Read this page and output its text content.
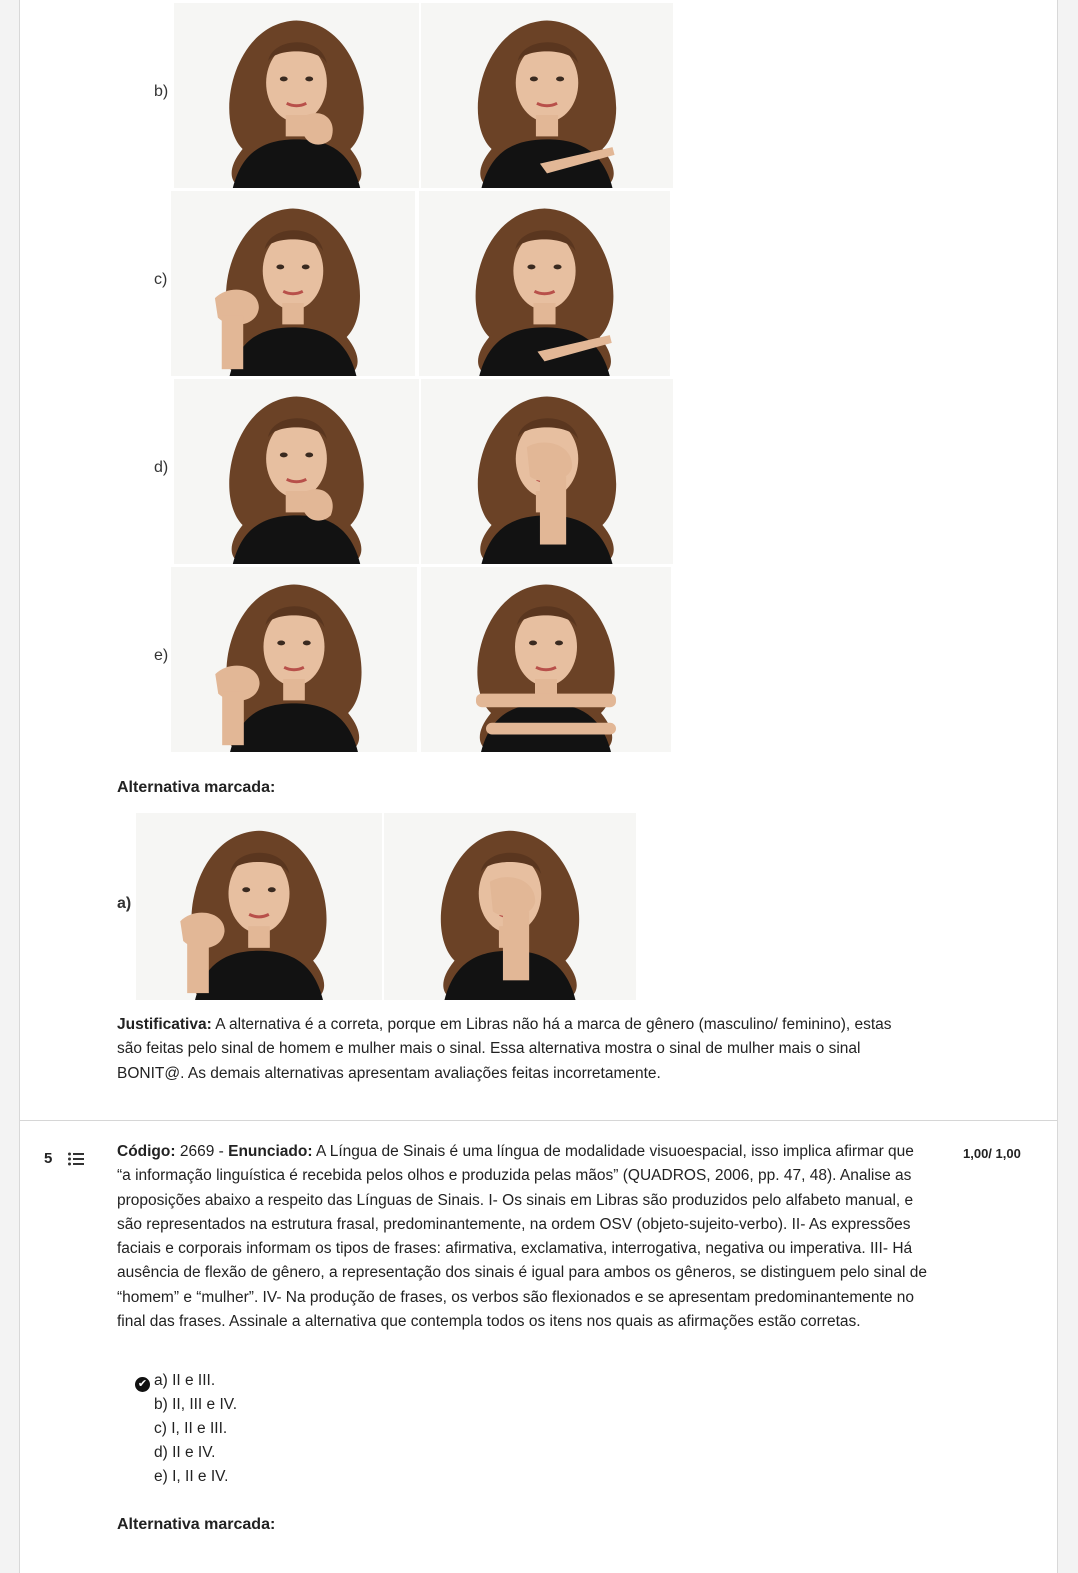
b)
c)
d)
e)
Alternativa marcada:
a)
Justificativa: A alternativa é a correta, porque em Libras não há a marca de gênero (masculino/ feminino), estas são feitas pelo sinal de homem e mulher mais o sinal. Essa alternativa mostra o sinal de mulher mais o sinal BONIT@. As demais alternativas apresentam avaliações feitas incorretamente.
5	Código: 2669 - Enunciado: A Língua de Sinais é uma língua de modalidade visuoespacial, isso implica afirmar que “a informação linguística é recebida pelos olhos e produzida pelas mãos” (QUADROS, 2006, pp. 47, 48). Analise as proposições abaixo a respeito das Línguas de Sinais. I- Os sinais em Libras são produzidos pelo alfabeto manual, e são representados na estrutura frasal, predominantemente, na ordem OSV (objeto-sujeito-verbo). II- As expressões faciais e corporais informam os tipos de frases: afirmativa, exclamativa, interrogativa, negativa ou imperativa. III- Há ausência de flexão de gênero, a representação dos sinais é igual para ambos os gêneros, se distinguem pelo sinal de “homem” e “mulher”. IV- Na produção de frases, os verbos são flexionados e se apresentam predominantemente no final das frases. Assinale a alternativa que contempla todos os itens nos quais as afirmações estão corretas.
1,00/ 1,00
✔ a) II e III.
b) II, III e IV.
c) I, II e III.
d) II e IV.
e) I, II e IV.
Alternativa marcada:
